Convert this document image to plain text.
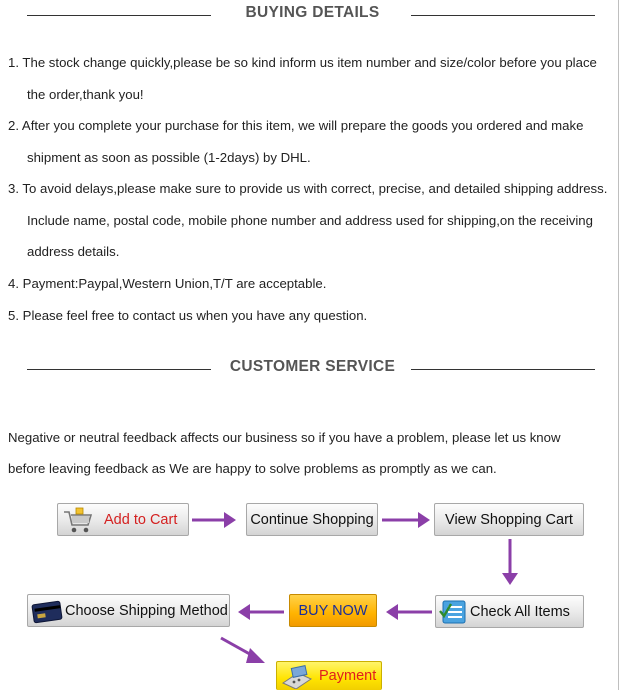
BUYING DETAILS
1. The stock change quickly,please be so kind inform us item number and size/color before you place
the order,thank you!
2. After you complete your purchase for this item, we will prepare the goods you ordered and make
shipment as soon as possible (1-2days) by DHL.
3. To avoid delays,please make sure to provide us with correct, precise, and detailed shipping address.
Include name, postal code, mobile phone number and address used for shipping,on the receiving
address details.
4. Payment:Paypal,Western Union,T/T are acceptable.
5. Please feel free to contact us when you have any question.
CUSTOMER SERVICE
Negative or neutral feedback affects our business so if you have a problem, please let us know
before leaving feedback as We are happy to solve problems as promptly as we can.
Add to Cart	Continue Shopping	View Shopping Cart
Check All Items
BUY NOW
Choose Shipping Method
Payment
